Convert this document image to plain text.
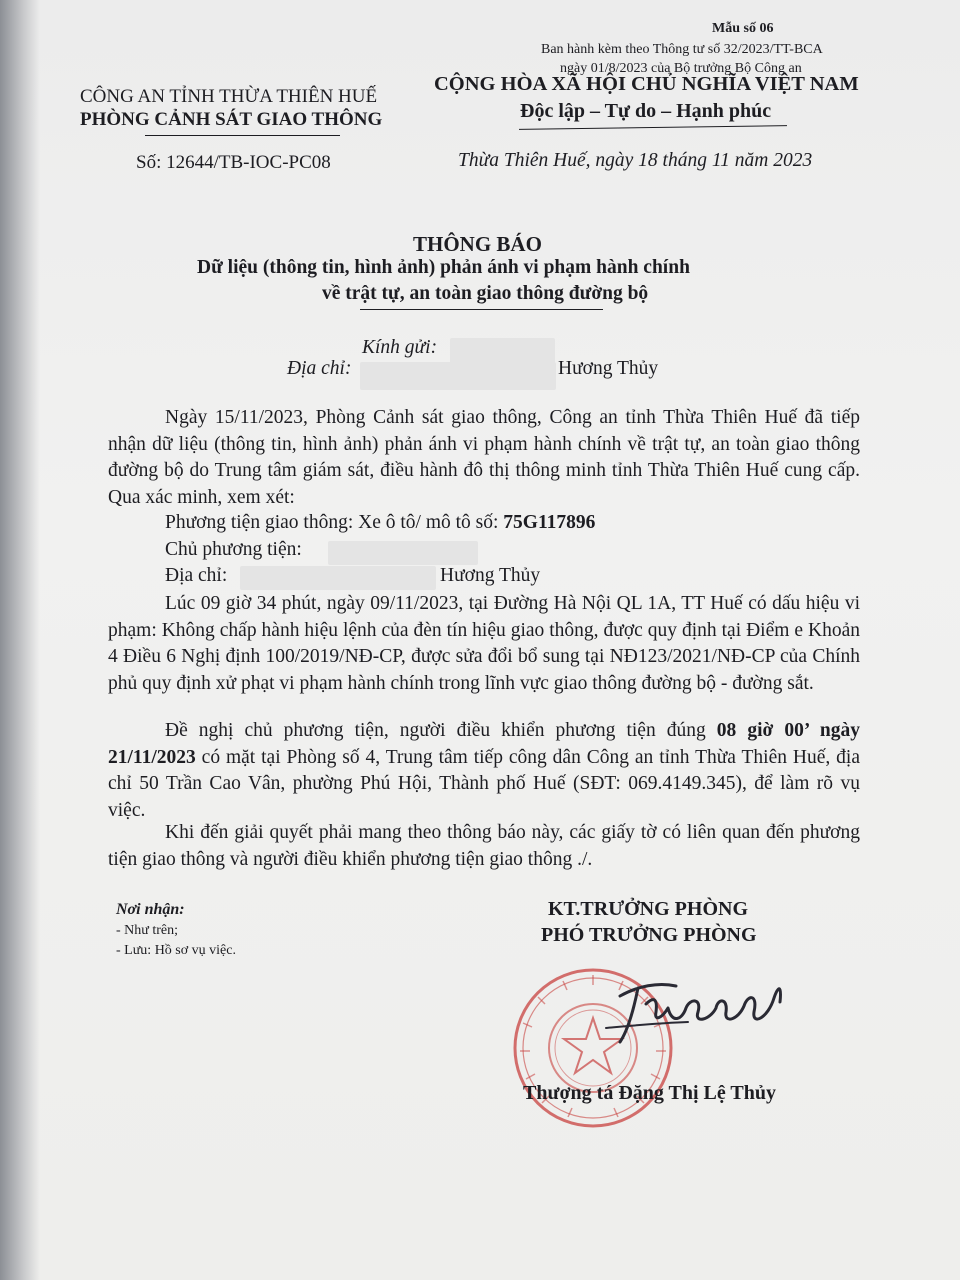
Mẫu số 06
Ban hành kèm theo Thông tư số 32/2023/TT-BCA
ngày 01/8/2023 của Bộ trưởng Bộ Công an
CÔNG AN TỈNH THỪA THIÊN HUẾ
PHÒNG CẢNH SÁT GIAO THÔNG
Số: 12644/TB-IOC-PC08
CỘNG HÒA XÃ HỘI CHỦ NGHĨA VIỆT NAM
Độc lập – Tự do – Hạnh phúc
Thừa Thiên Huế, ngày 18 tháng 11 năm 2023
THÔNG BÁO
Dữ liệu (thông tin, hình ảnh) phản ánh vi phạm hành chính
về trật tự, an toàn giao thông đường bộ
Kính gửi:
Địa chỉ:	Hương Thủy

Ngày 15/11/2023, Phòng Cảnh sát giao thông, Công an tỉnh Thừa Thiên Huế đã tiếp nhận dữ liệu (thông tin, hình ảnh) phản ánh vi phạm hành chính về trật tự, an toàn giao thông đường bộ do Trung tâm giám sát, điều hành đô thị thông minh tỉnh Thừa Thiên Huế cung cấp. Qua xác minh, xem xét:

Phương tiện giao thông: Xe ô tô/ mô tô số: 75G117896
Chủ phương tiện:
Địa chỉ:	Hương Thủy

Lúc 09 giờ 34 phút, ngày 09/11/2023, tại Đường Hà Nội QL 1A, TT Huế có dấu hiệu vi phạm: Không chấp hành hiệu lệnh của đèn tín hiệu giao thông, được quy định tại Điểm e Khoản 4 Điều 6 Nghị định 100/2019/NĐ-CP, được sửa đổi bổ sung tại NĐ123/2021/NĐ-CP của Chính phủ quy định xử phạt vi phạm hành chính trong lĩnh vực giao thông đường bộ - đường sắt.

Đề nghị chủ phương tiện, người điều khiển phương tiện đúng 08 giờ 00’ ngày 21/11/2023 có mặt tại Phòng số 4, Trung tâm tiếp công dân Công an tỉnh Thừa Thiên Huế, địa chỉ 50 Trần Cao Vân, phường Phú Hội, Thành phố Huế (SĐT: 069.4149.345), để làm rõ vụ việc.

Khi đến giải quyết phải mang theo thông báo này, các giấy tờ có liên quan đến phương tiện giao thông và người điều khiển phương tiện giao thông ./.

Nơi nhận:
- Như trên;
- Lưu: Hồ sơ vụ việc.
KT.TRƯỞNG PHÒNG
PHÓ TRƯỞNG PHÒNG
Thượng tá Đặng Thị Lệ Thủy
